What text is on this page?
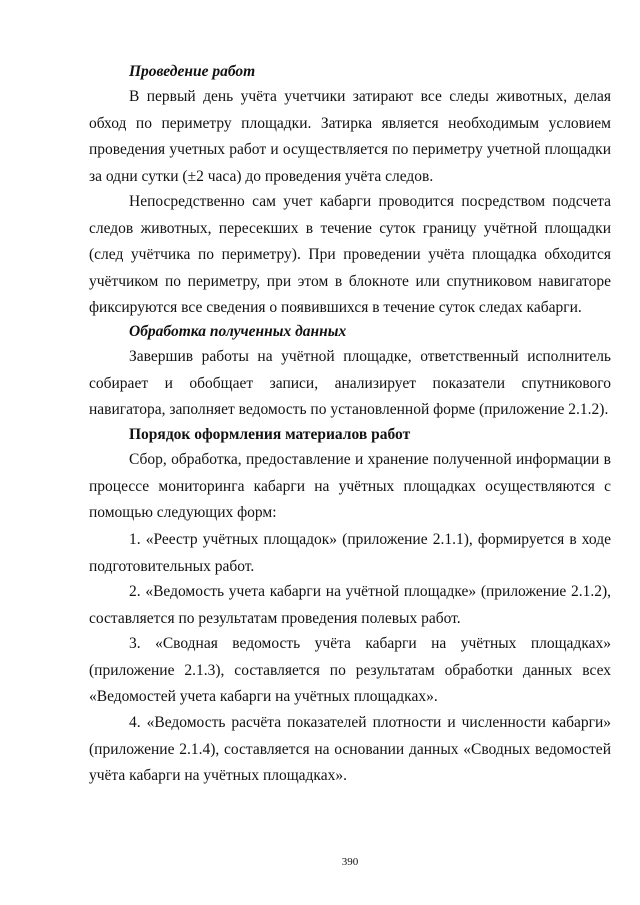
Проведение работ

В первый день учёта учетчики затирают все следы животных, делая обход по периметру площадки. Затирка является необходимым условием проведения учетных работ и осуществляется по периметру учетной площадки за одни сутки (±2 часа) до проведения учёта следов.

Непосредственно сам учет кабарги проводится посредством подсчета следов животных, пересекших в течение суток границу учётной площадки (след учётчика по периметру). При проведении учёта площадка обходится учётчиком по периметру, при этом в блокноте или спутниковом навигаторе фиксируются все сведения о появившихся в течение суток следах кабарги.

Обработка полученных данных

Завершив работы на учётной площадке, ответственный исполнитель собирает и обобщает записи, анализирует показатели спутникового навигатора, заполняет ведомость по установленной форме (приложение 2.1.2).

Порядок оформления материалов работ

Сбор, обработка, предоставление и хранение полученной информации в процессе мониторинга кабарги на учётных площадках осуществляются с помощью следующих форм:

1. «Реестр учётных площадок» (приложение 2.1.1), формируется в ходе подготовительных работ.

2. «Ведомость учета кабарги на учётной площадке» (приложение 2.1.2), составляется по результатам проведения полевых работ.

3. «Сводная ведомость учёта кабарги на учётных площадках» (приложение 2.1.3), составляется по результатам обработки данных всех «Ведомостей учета кабарги на учётных площадках».

4. «Ведомость расчёта показателей плотности и численности кабарги» (приложение 2.1.4), составляется на основании данных «Сводных ведомостей учёта кабарги на учётных площадках».

390
